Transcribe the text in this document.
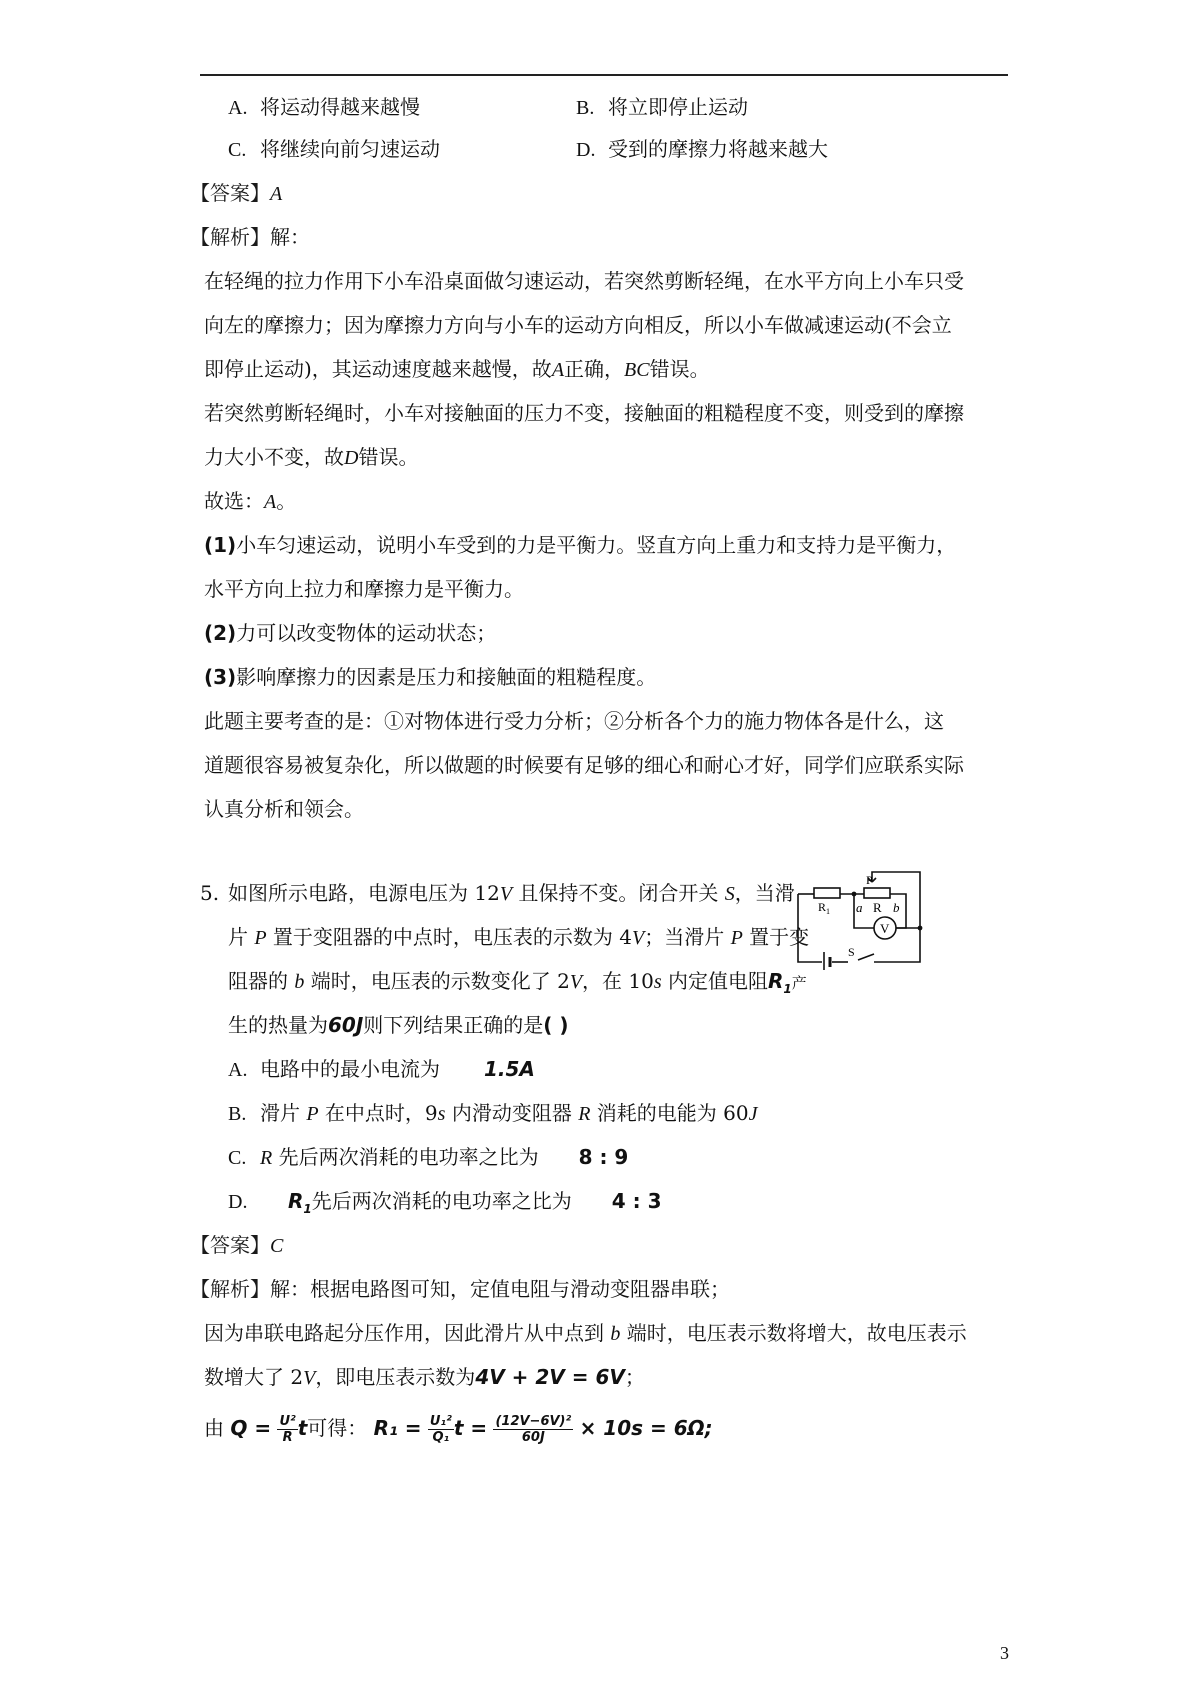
A. 将运动得越来越慢	B. 将立即停止运动
C. 将继续向前匀速运动	D. 受到的摩擦力将越来越大
【答案】A
【解析】解：
在轻绳的拉力作用下小车沿桌面做匀速运动，若突然剪断轻绳，在水平方向上小车只受
向左的摩擦力；因为摩擦力方向与小车的运动方向相反，所以小车做减速运动(不会立
即停止运动)，其运动速度越来越慢，故A正确，BC错误。
若突然剪断轻绳时，小车对接触面的压力不变，接触面的粗糙程度不变，则受到的摩擦
力大小不变，故D错误。
故选：A。
(1)小车匀速运动，说明小车受到的力是平衡力。竖直方向上重力和支持力是平衡力，
水平方向上拉力和摩擦力是平衡力。
(2)力可以改变物体的运动状态；
(3)影响摩擦力的因素是压力和接触面的粗糙程度。
此题主要考查的是：①对物体进行受力分析；②分析各个力的施力物体各是什么，这
道题很容易被复杂化，所以做题的时候要有足够的细心和耐心才好，同学们应联系实际
认真分析和领会。
5. 如图所示电路，电源电压为 12V 且保持不变。闭合开关 S，当滑
片 P 置于变阻器的中点时，电压表的示数为 4V；当滑片 P 置于变
阻器的 b 端时，电压表的示数变化了 2V，在 10s 内定值电阻$R_1$产
生的热量为60J则下列结果正确的是( )
R 1 a R b
P
V
S
A. 电路中的最小电流为 1.5A
B. 滑片 P 在中点时，9s 内滑动变阻器 R 消耗的电能为 60J
C. R 先后两次消耗的电功率之比为 8 : 9
D. $R_1$先后两次消耗的电功率之比为 4 : 3
【答案】C
【解析】解：根据电路图可知，定值电阻与滑动变阻器串联；
因为串联电路起分压作用，因此滑片从中点到 b 端时，电压表示数将增大，故电压表示
数增大了 2V，即电压表示数为4V + 2V = 6V；
由 $Q = \frac{\text{U²}}{R}$ t可得： $R_1 = \frac{\text{U₁²}}{\text{Q₁}}$ $t = \frac{\text{(12V−6V)²}}{60J} \times 10s = 6\Omega$;
3
